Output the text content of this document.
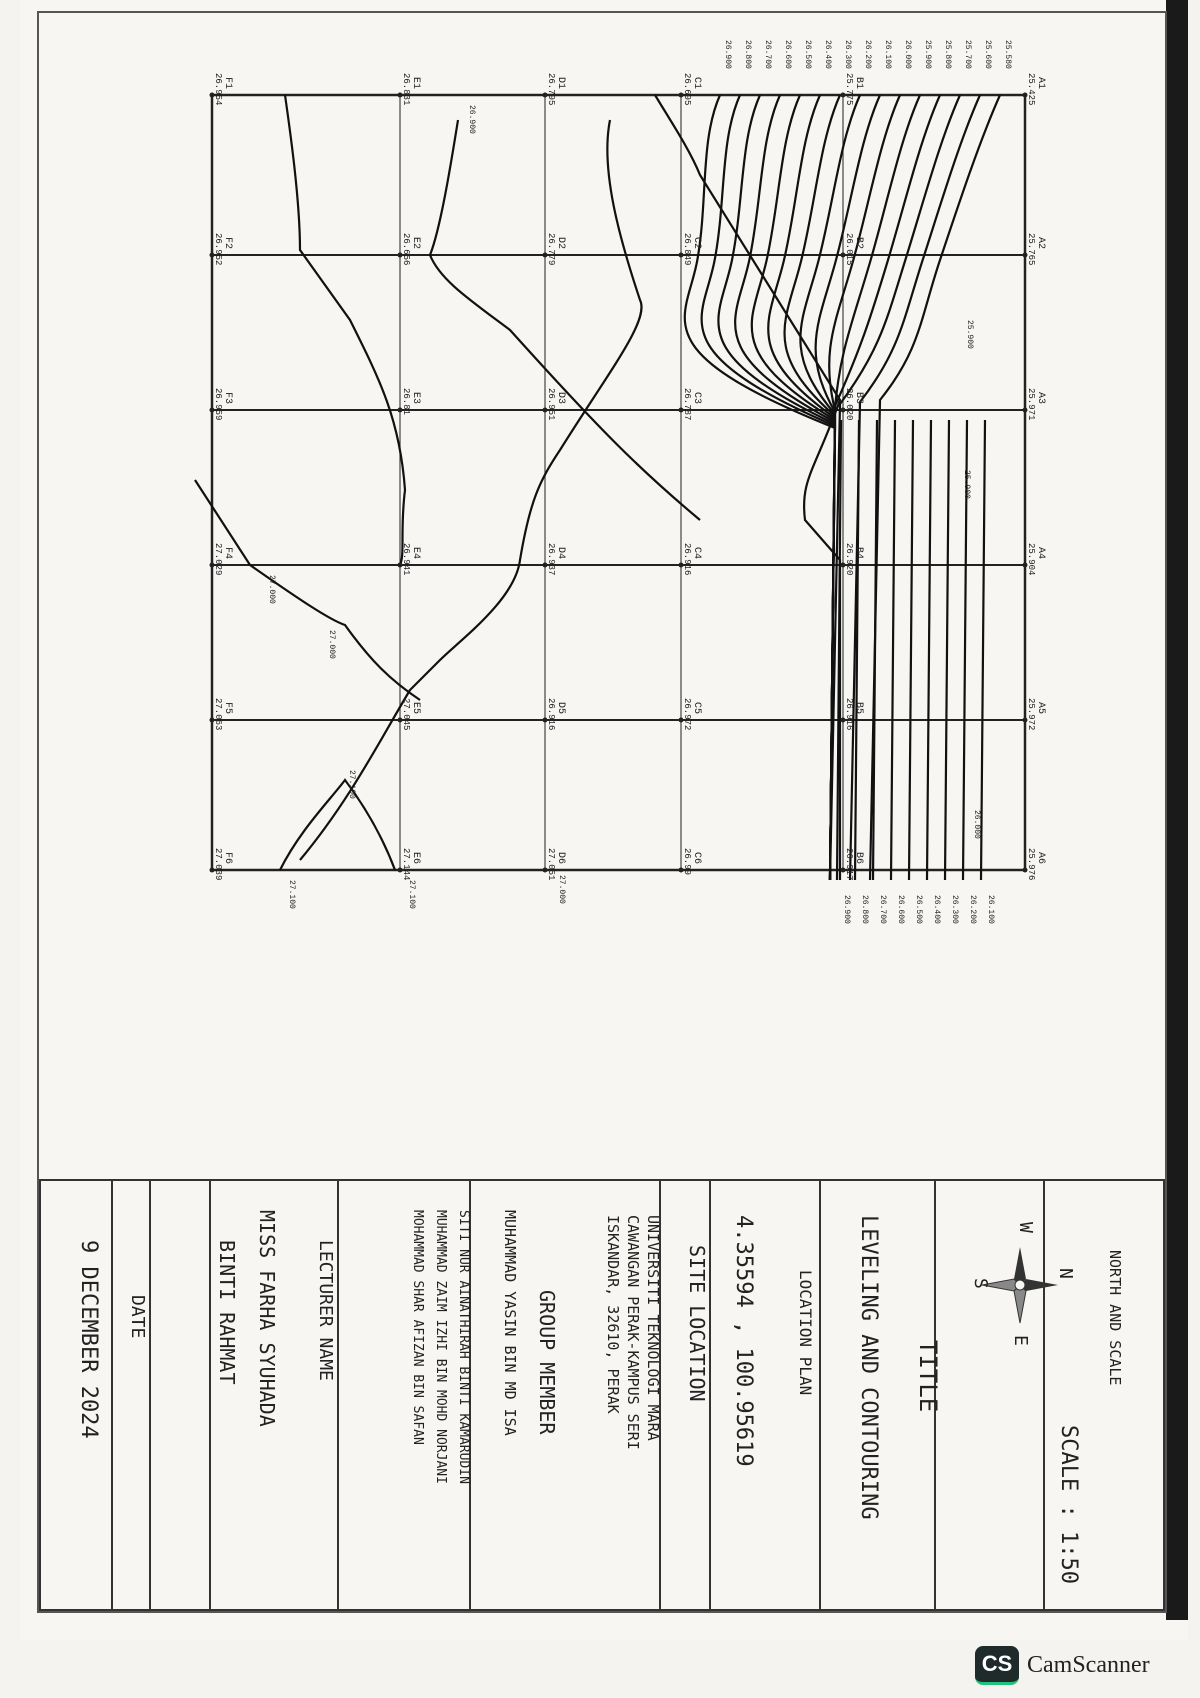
A1
25.425
A2
25.765
A3
25.971
A4
25.904
A5
25.972
A6
25.976
B1
25.775
B2
26.015
B3
26.020
B4
26.920
B5
26.916
B6
26.917
C1
26.695
C2
26.849
C3
26.787
C4
26.916
C5
26.972
C6
26.99
D1
26.795
D2
26.779
D3
26.951
D4
26.937
D5
26.916
D6
27.051
E1
26.831
E2
26.656
E3
26.81
E4
26.941
E5
27.045
E6
27.144
F1
26.954
F2
26.952
F3
26.959
F4
27.029
F5
27.063
F6
27.039
25.580
25.600
25.700
25.800
25.900
26.000
26.100
26.200
26.300
26.400
26.500
26.600
26.700
26.800
26.900
26.100
26.200
26.300
26.400
26.500
26.600
26.700
26.800
26.900
25.900
25.900
26.000
26.900
27.000
27.000
27.100
27.100
27.100	27.000
NORTH AND SCALE
N
S
E
W
SCALE : 1:50
TITLE
LEVELING AND CONTOURING
LOCATION PLAN
4.35594 , 100.95619
SITE LOCATION
UNIVERSITI TEKNOLOGI MARA
CAWANGAN PERAK-KAMPUS SERI
ISKANDAR, 32610, PERAK
GROUP MEMBER
MUHAMMAD YASIN BIN MD ISA
SITI NUR AINATHIRAH BINTI KAMARUDIN
MUHAMMAD ZAIM IZHI BIN MOHD NORJANI
MOHAMMAD SHAR AFIZAN BIN SAFAN
LECTURER NAME
MISS FARHA SYUHADA
BINTI RAHMAT
DATE
9 DECEMBER 2024
CS CamScanner
